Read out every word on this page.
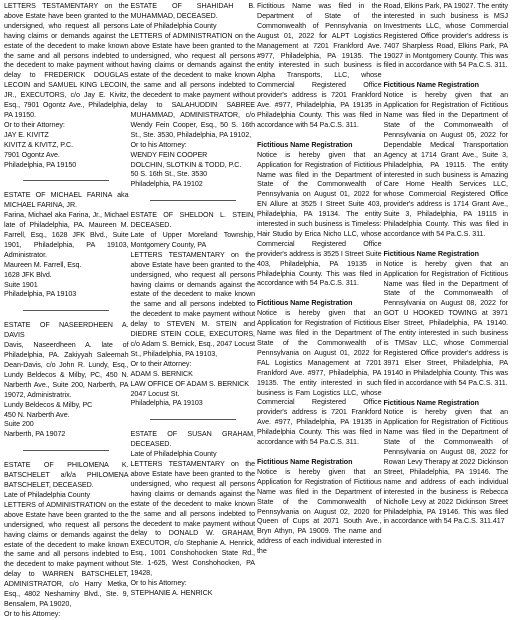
LETTERS TESTAMENTARY on the above Estate have been granted to the undersigned, who request all persons having claims or demands against the estate of the decedent to make known the same and all persons indebted to the decedent to make payment without delay to FREDERICK DOUGLAS LECOIN and SAMUEL KING LECOIN, JR., EXECUTORS, c/o Jay E. Kivitz, Esq., 7901 Ogontz Ave., Philadelphia, PA 19150.
Or to their Attorney:
JAY E. KIVITZ
KIVITZ & KIVITZ, P.C.
7901 Ogontz Ave.
Philadelphia, PA 19150
ESTATE OF MICHAEL FARINA aka MICHAEL FARINA, JR.
Farina, Michael aka Farina, Jr., Michael late of Philadelphia, PA. Maureen M. Farrell, Esq., 1628 JFK Blvd., Suite 1901, Philadelphia, PA 19103, Administrator.
Maureen M. Farrell, Esq.
1628 JFK Blvd.
Suite 1901
Philadelphia, PA 19103
ESTATE OF NASEERDHEEN A. DAVIS
Davis, Naseerdheen A. late of Philadelphia, PA. Zakiyyah Saleemah Dean-Davis, c/o John R. Lundy, Esq., Lundy Beldecos & Milby, PC, 450 N. Narberth Ave., Suite 200, Narberth, PA 19072, Administratrix.
Lundy Beldecos & Milby, PC
450 N. Narberth Ave.
Suite 200
Narberth, PA 19072
ESTATE OF PHILOMENA K. BATSCHELET a/k/a PHILOMENA BATSCHELET, DECEASED.
Late of Philadelphia County
LETTERS of ADMINISTRATION on the above Estate have been granted to the undersigned, who request all persons having claims or demands against the estate of the decedent to make known the same and all persons indebted to the decedent to make payment without delay to WARREN BATSCHELET, ADMINISTRATOR, c/o Harry Metka, Esq., 4802 Neshaminy Blvd., Ste. 9, Bensalem, PA 19020,
Or to his Attorney:
ESTATE OF SHAHIDAH B. MUHAMMAD, DECEASED.
Late of Philadelphia County
LETTERS of ADMINISTRATION on the above Estate have been granted to the undersigned, who request all persons having claims or demands against the estate of the decedent to make known the same and all persons indebted to the decedent to make payment without delay to SALAHUDDIN SABREE MUHAMMAD, ADMINISTRATOR, c/o Wendy Fein Cooper, Esq., 50 S. 16th St., Ste. 3530, Philadelphia, PA 19102,
Or to his Attorney:
WENDY FEIN COOPER
DOLCHIN, SLOTKIN & TODD, P.C.
50 S. 16th St., Ste. 3530
Philadelphia, PA 19102
ESTATE OF SHELDON L. STEIN, DECEASED.
Late of Upper Moreland Township, Montgomery County, PA
LETTERS TESTAMENTARY on the above Estate have been granted to the undersigned, who request all persons having claims or demands against the estate of the decedent to make known the same and all persons indebted to the decedent to make payment without delay to STEVEN M. STEIN and DIEDRE STEIN COLE, EXECUTORS, c/o Adam S. Bernick, Esq., 2047 Locust St., Philadelphia, PA 19103,
Or to their Attorney:
ADAM S. BERNICK
LAW OFFICE OF ADAM S. BERNICK
2047 Locust St.
Philadelphia, PA 19103
ESTATE OF SUSAN GRAHAM, DECEASED.
Late of Philadelphia County
LETTERS TESTAMENTARY on the above Estate have been granted to the undersigned, who request all persons having claims or demands against the estate of the decedent to make known the same and all persons indebted to the decedent to make payment without delay to DONALD W. GRAHAM, EXECUTOR, c/o Stephanie A. Henrick, Esq., 1001 Conshohocken State Rd., Ste. 1-625, West Conshohocken, PA 19428,
Or to his Attorney:
STEPHANIE A. HENRICK
Fictitious Name was filed in the Department of State of the Commonwealth of Pennsylvania on August 01, 2022 for ALPT Logistics Management at 7201 Frankford Ave. #977, Philadelphia, PA 19135. The entity interested in such business is Alpha Transports, LLC, whose Commercial Registered Office provider's address is 7201 Frankford Ave. #977, Philadelphia, PA 19135 in Philadelphia County. This was filed in accordance with 54 Pa.C.S. 311.
Fictitious Name Registration
Notice is hereby given that an Application for Registration of Fictitious Name was filed in the Department of State of the Commonwealth of Pennsylvania on August 01, 2022 for EN Allure at 3525 I Street Suite 403, Philadelphia, PA 19134. The entity interested in such business is Timeless: Hair Studio by Erica Nicho LLC, whose Commercial Registered Office provider's address is 3525 I Street Suite 403, Philadelphia, PA 19135 in Philadelphia County. This was filed in accordance with 54 Pa.C.S. 311.
Fictitious Name Registration
Notice is hereby given that an Application for Registration of Fictitious Name was filed in the Department of State of the Commonwealth of Pennsylvania on August 01, 2022 for FAL Logistics Management at 7201 Frankford Ave. #977, Philadelphia, PA 19135. The entity interested in such business is Fam Logistics LLC, whose Commercial Registered Office provider's address is 7201 Frankford Ave. #977, Philadelphia, PA 19135 in Philadelphia County. This was filed in accordance with 54 Pa.C.S. 311.
Fictitious Name Registration
Notice is hereby given that an Application for Registration of Fictitious Name was filed in the Department of State of the Commonwealth of Pennsylvania on August 02, 2020 for Queen of Cups at 2071 South Ave., Bryn Athyn, PA 19009. The name and address of each individual interested in the
Road, Elkins Park, PA 19027. The entity interested in such business is MSJ Investments LLC, whose Commercial Registered Office provider's address is 7407 Sharpless Road, Elkins Park, PA 19027 in Montgomery County. This was filed in accordance with 54 Pa.C.S. 311.
Fictitious Name Registration
Notice is hereby given that an Application for Registration of Fictitious Name was filed in the Department of State of the Commonwealth of Pennsylvania on August 05, 2022 for Dependable Medical Transportation Agency at 1714 Grant Ave., Suite 3, Philadelphia, PA 19115. The entity interested in such business is Amazing Care Home Health Services LLC, whose Commercial Registered Office provider's address is 1714 Grant Ave., Suite 3, Philadelphia, PA 19115 in Philadelphia County. This was filed in accordance with 54 Pa.C.S. 311.
Fictitious Name Registration
Notice is hereby given that an Application for Registration of Fictitious Name was filed in the Department of State of the Commonwealth of Pennsylvania on August 08, 2022 for GOT U HOOKED TOWING at 3971 Elser Street, Philadelphia, PA 19140. The entity interested in such business is TMSav LLC, whose Commercial Registered Office provider's address is 3971 Elser Street, Philadelphia, PA 19140 in Philadelphia County. This was filed in accordance with 54 Pa.C.S. 311.
Fictitious Name Registration
Notice is hereby given that an Application for Registration of Fictitious Name was filed in the Department of State of the Commonwealth of Pennsylvania on August 08, 2022 for Rowan Levy Therapy at 2022 Dickinson Street, Philadelphia, PA 19146. The name and address of each individual interested in the business is Rebecca Nicholle Levy at 2022 Dickinson Street Philadelphia, PA 19146. This was filed in accordance with 54 Pa.C.S. 311.417
